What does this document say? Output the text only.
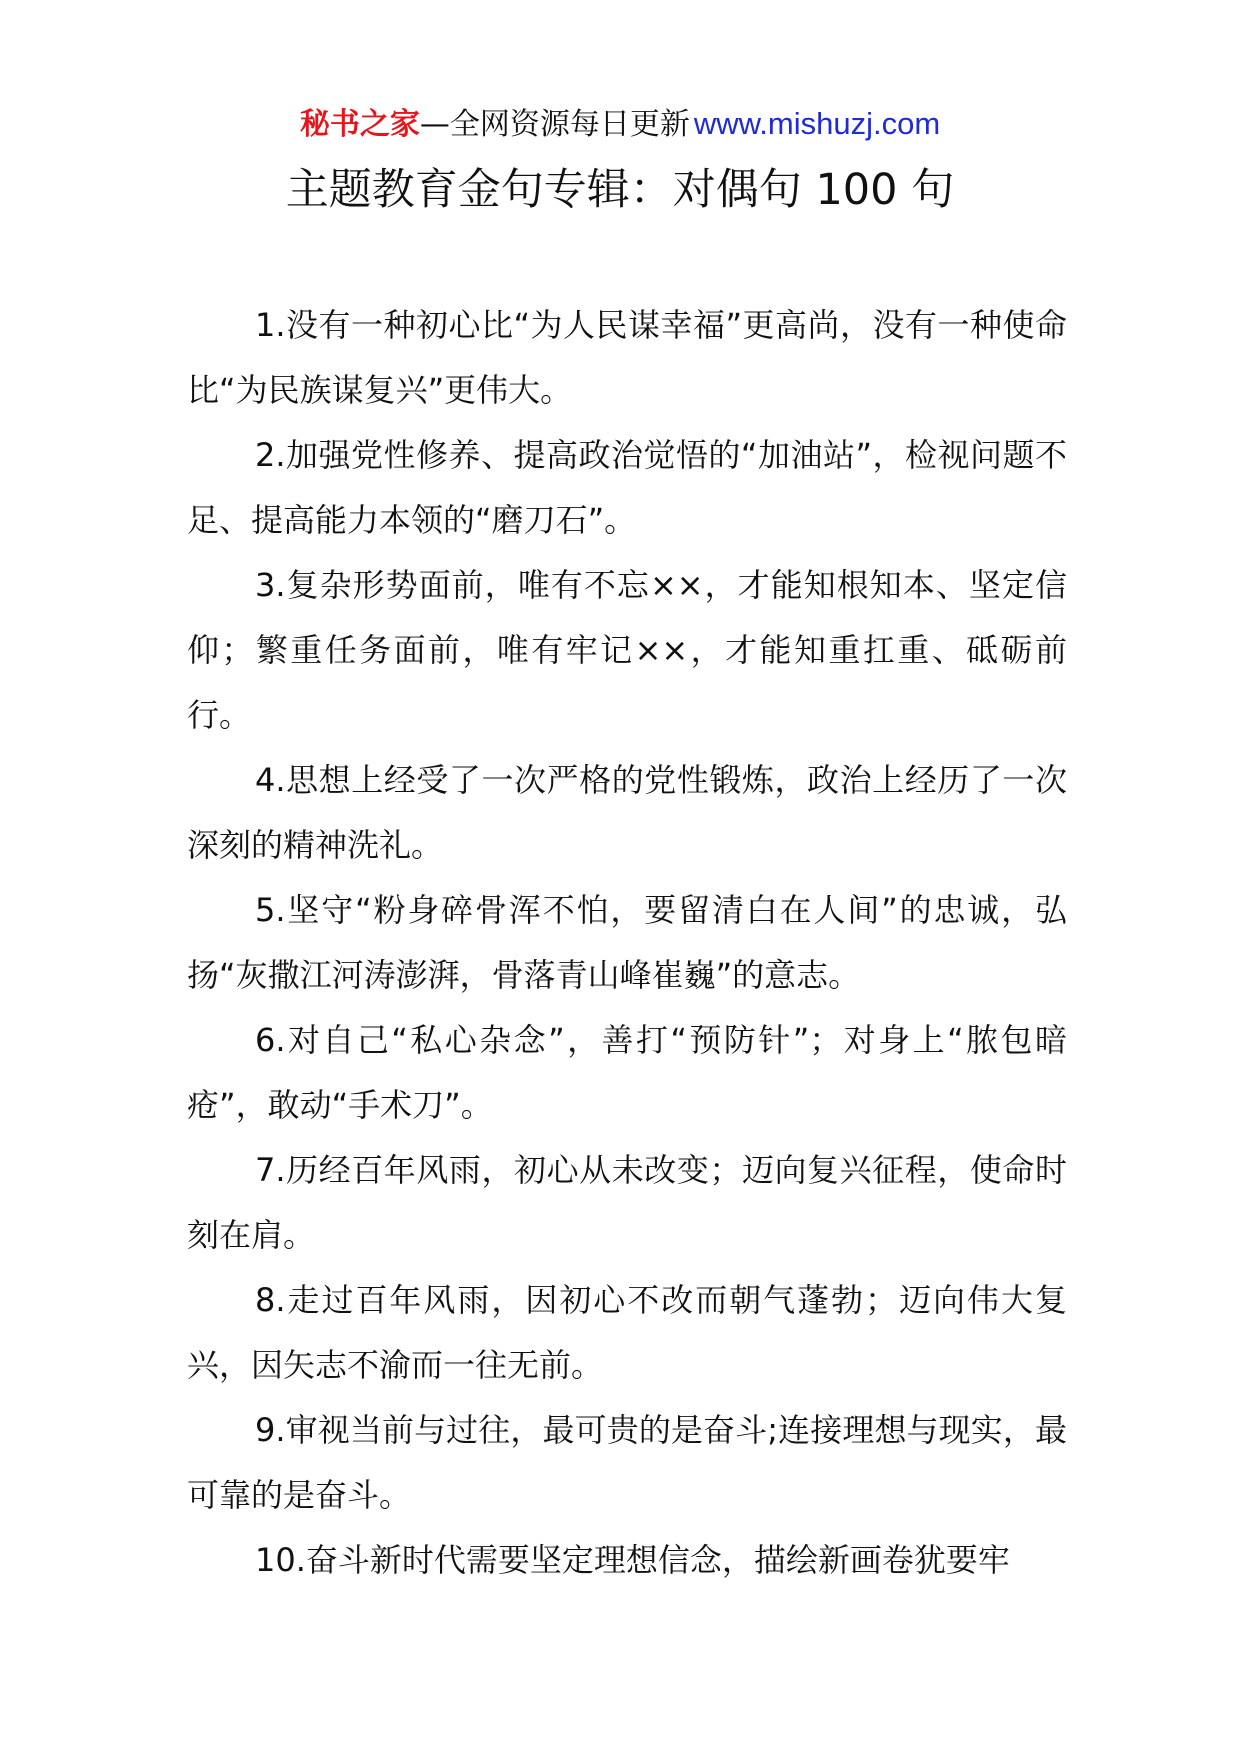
秘书之家—全网资源每日更新 www.mishuzj.com
主题教育金句专辑：对偶句 100 句

1.没有一种初心比“为人民谋幸福”更高尚，没有一种使命比“为民族谋复兴”更伟大。

2.加强党性修养、提高政治觉悟的“加油站”，检视问题不足、提高能力本领的“磨刀石”。

3.复杂形势面前，唯有不忘××，才能知根知本、坚定信仰；繁重任务面前，唯有牢记××，才能知重扛重、砥砺前行。

4.思想上经受了一次严格的党性锻炼，政治上经历了一次深刻的精神洗礼。

5.坚守“粉身碎骨浑不怕，要留清白在人间”的忠诚，弘扬“灰撒江河涛澎湃，骨落青山峰崔巍”的意志。

6.对自己“私心杂念”，善打“预防针”；对身上“脓包暗疮”，敢动“手术刀”。

7.历经百年风雨，初心从未改变；迈向复兴征程，使命时刻在肩。

8.走过百年风雨，因初心不改而朝气蓬勃；迈向伟大复兴，因矢志不渝而一往无前。

9.审视当前与过往，最可贵的是奋斗;连接理想与现实，最可靠的是奋斗。

10.奋斗新时代需要坚定理想信念，描绘新画卷犹要牢
